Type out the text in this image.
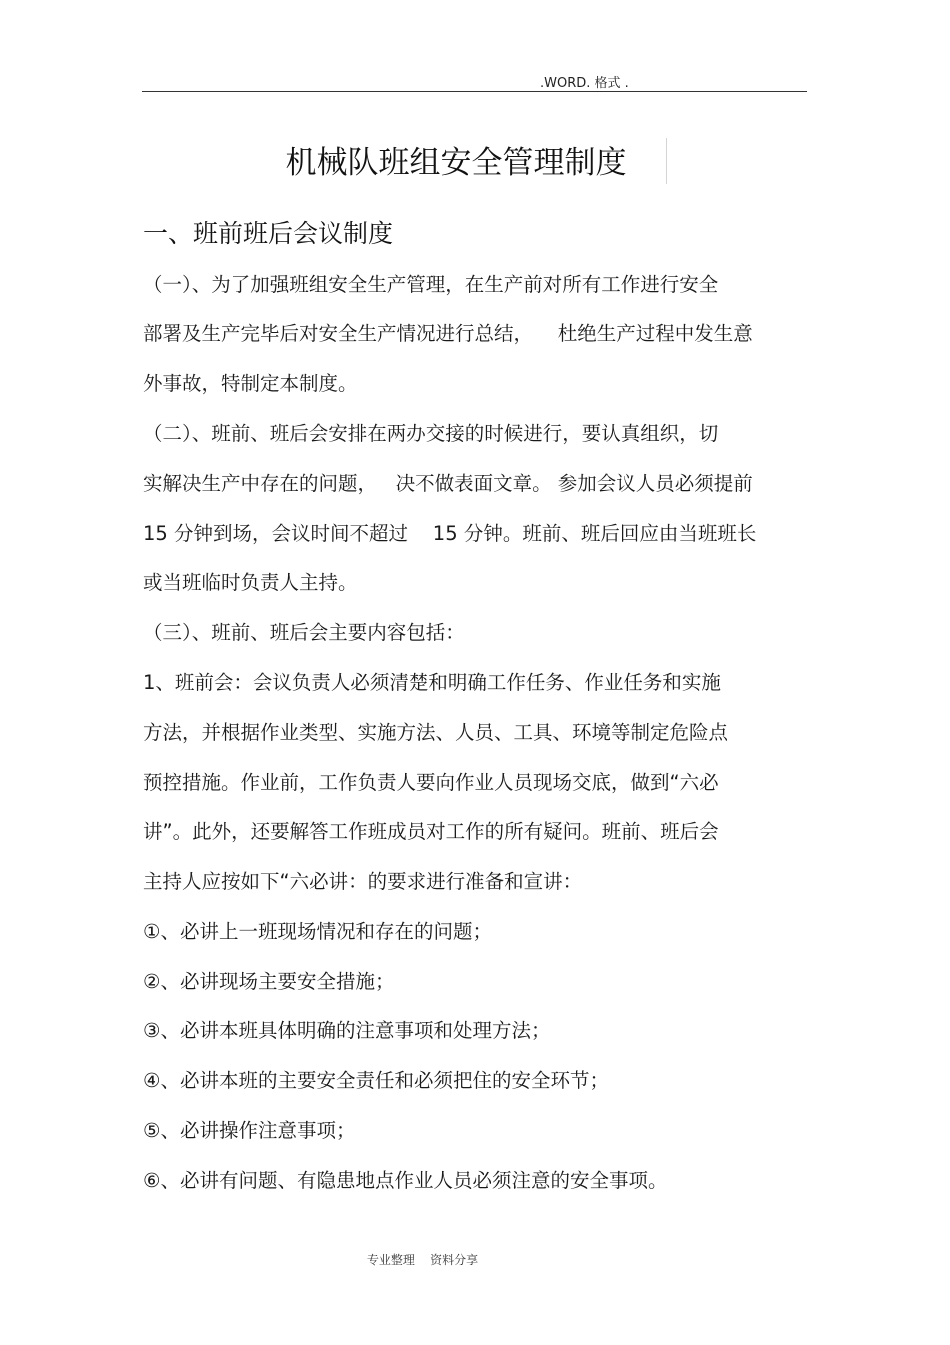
.WORD. 格式 .
机械队班组安全管理制度
一、班前班后会议制度
（一）、为了加强班组安全生产管理，在生产前对所有工作进行安全
部署及生产完毕后对安全生产情况进行总结，    杜绝生产过程中发生意
外事故，特制定本制度。
（二）、班前、班后会安排在两办交接的时候进行，要认真组织，切
实解决生产中存在的问题，   决不做表面文章。 参加会议人员必须提前
15 分钟到场，会议时间不超过    15 分钟。班前、班后回应由当班班长
或当班临时负责人主持。
（三）、班前、班后会主要内容包括：
1、班前会：会议负责人必须清楚和明确工作任务、作业任务和实施
方法，并根据作业类型、实施方法、人员、工具、环境等制定危险点
预控措施。作业前，工作负责人要向作业人员现场交底，做到“六必
讲”。此外，还要解答工作班成员对工作的所有疑问。班前、班后会
主持人应按如下“六必讲：的要求进行准备和宣讲：
①、必讲上一班现场情况和存在的问题；
②、必讲现场主要安全措施；
③、必讲本班具体明确的注意事项和处理方法；
④、必讲本班的主要安全责任和必须把住的安全环节；
⑤、必讲操作注意事项；
⑥、必讲有问题、有隐患地点作业人员必须注意的安全事项。
专业整理    资料分享
